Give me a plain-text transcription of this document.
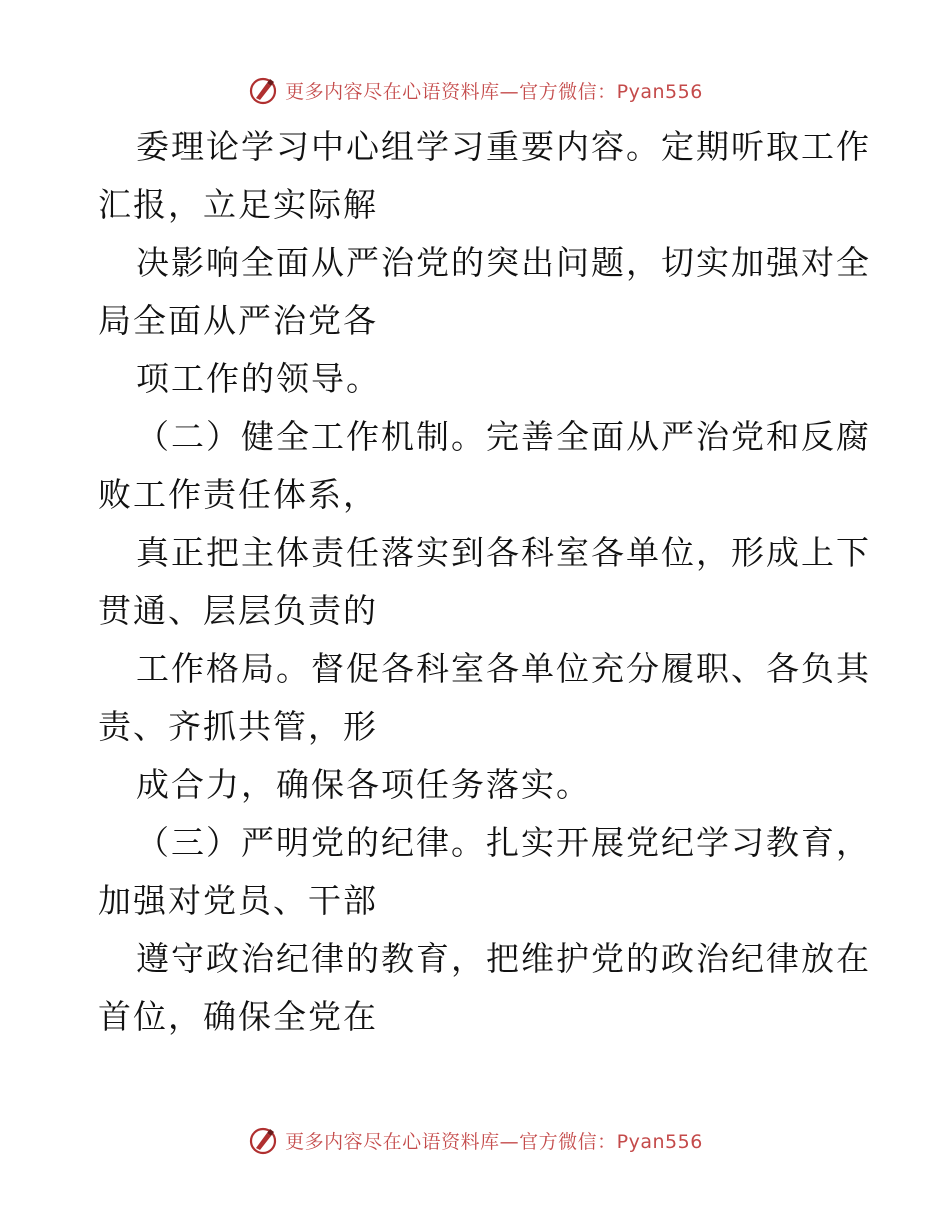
更多内容尽在心语资料库—官方微信：Pyan556
委理论学习中心组学习重要内容。定期听取工作
汇报，立足实际解
决影响全面从严治党的突出问题，切实加强对全
局全面从严治党各
项工作的领导。
（二）健全工作机制。完善全面从严治党和反腐
败工作责任体系，
真正把主体责任落实到各科室各单位，形成上下
贯通、层层负责的
工作格局。督促各科室各单位充分履职、各负其
责、齐抓共管，形
成合力，确保各项任务落实。
（三）严明党的纪律。扎实开展党纪学习教育，
加强对党员、干部
遵守政治纪律的教育，把维护党的政治纪律放在
首位，确保全党在
更多内容尽在心语资料库—官方微信：Pyan556
